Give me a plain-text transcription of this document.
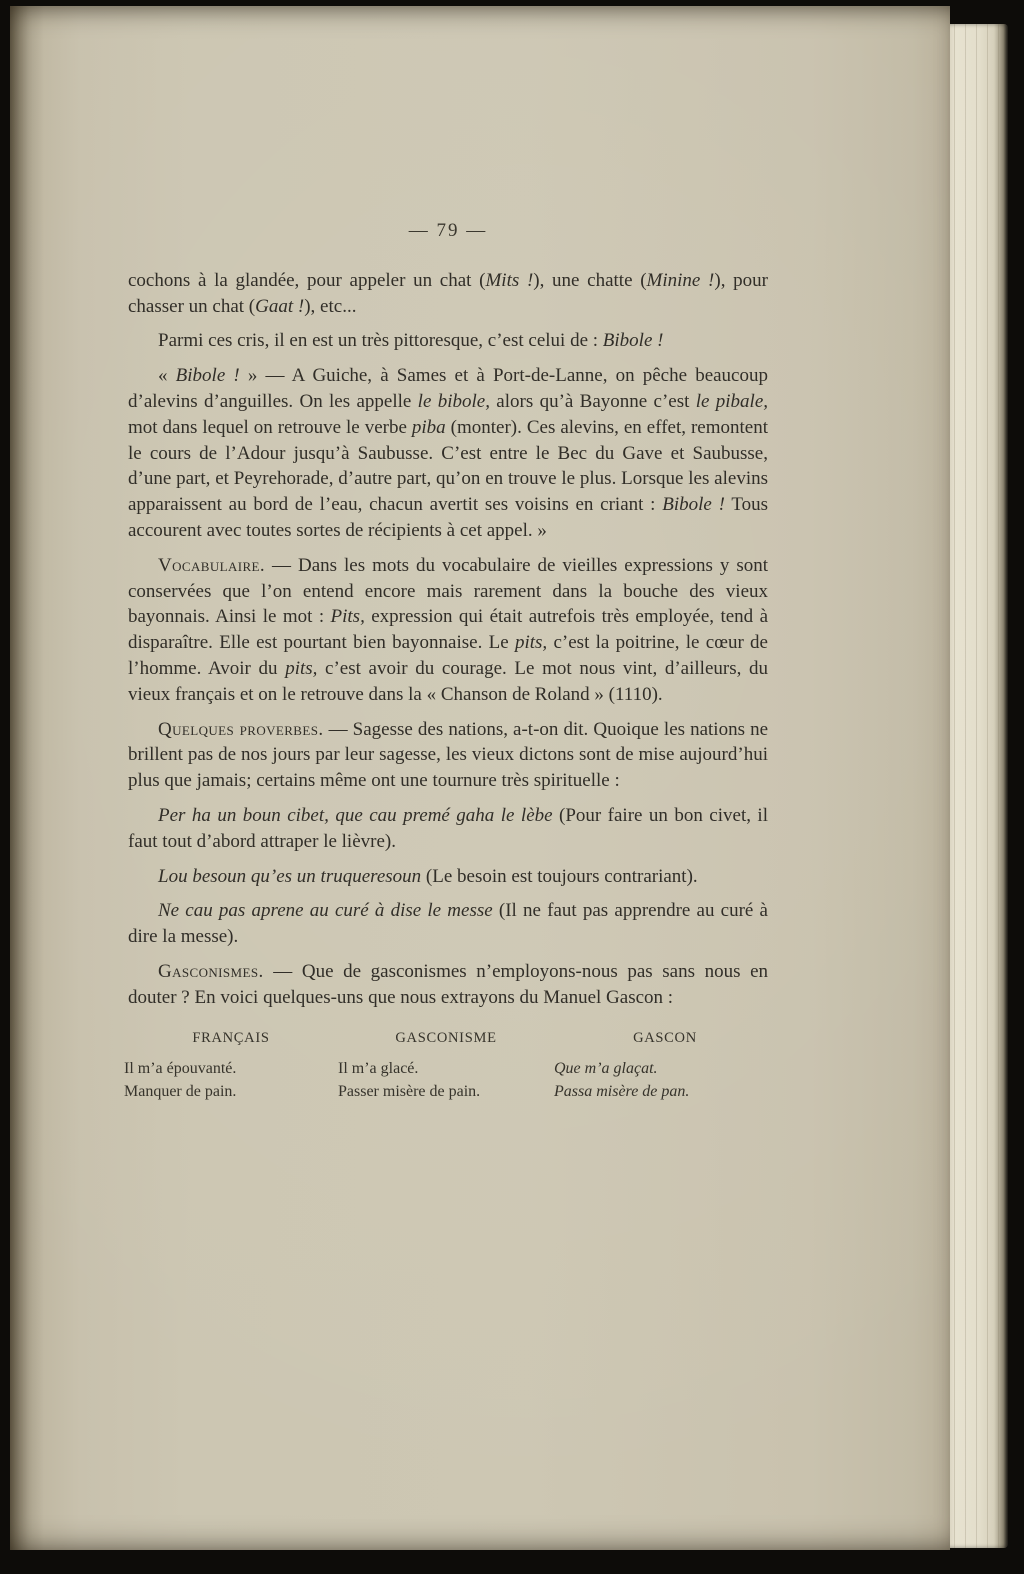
— 79 —

cochons à la glandée, pour appeler un chat (Mits !), une chatte (Minine !), pour chasser un chat (Gaat !), etc...

Parmi ces cris, il en est un très pittoresque, c’est celui de : Bibole !

« Bibole ! » — A Guiche, à Sames et à Port-de-Lanne, on pêche beaucoup d’alevins d’anguilles. On les appelle le bibole, alors qu’à Bayonne c’est le pibale, mot dans lequel on retrouve le verbe piba (monter). Ces alevins, en effet, remontent le cours de l’Adour jusqu’à Saubusse. C’est entre le Bec du Gave et Saubusse, d’une part, et Peyrehorade, d’autre part, qu’on en trouve le plus. Lorsque les alevins apparaissent au bord de l’eau, chacun avertit ses voisins en criant : Bibole ! Tous accourent avec toutes sortes de récipients à cet appel. »

Vocabulaire. — Dans les mots du vocabulaire de vieilles expressions y sont conservées que l’on entend encore mais rarement dans la bouche des vieux bayonnais. Ainsi le mot : Pits, expression qui était autrefois très employée, tend à disparaître. Elle est pourtant bien bayonnaise. Le pits, c’est la poitrine, le cœur de l’homme. Avoir du pits, c’est avoir du courage. Le mot nous vint, d’ailleurs, du vieux français et on le retrouve dans la « Chanson de Roland » (1110).

Quelques proverbes. — Sagesse des nations, a-t-on dit. Quoique les nations ne brillent pas de nos jours par leur sagesse, les vieux dictons sont de mise aujourd’hui plus que jamais; certains même ont une tournure très spirituelle :

Per ha un boun cibet, que cau premé gaha le lèbe (Pour faire un bon civet, il faut tout d’abord attraper le lièvre).

Lou besoun qu’es un truqueresoun (Le besoin est toujours contrariant).

Ne cau pas aprene au curé à dise le messe (Il ne faut pas apprendre au curé à dire la messe).

Gasconismes. — Que de gasconismes n’employons-nous pas sans nous en douter ? En voici quelques-uns que nous extrayons du Manuel Gascon :

FRANÇAIS	GASCONISME	GASCON
Il m’a épouvanté.	Il m’a glacé.	Que m’a glaçat.
Manquer de pain.	Passer misère de pain.	Passa misère de pan.
